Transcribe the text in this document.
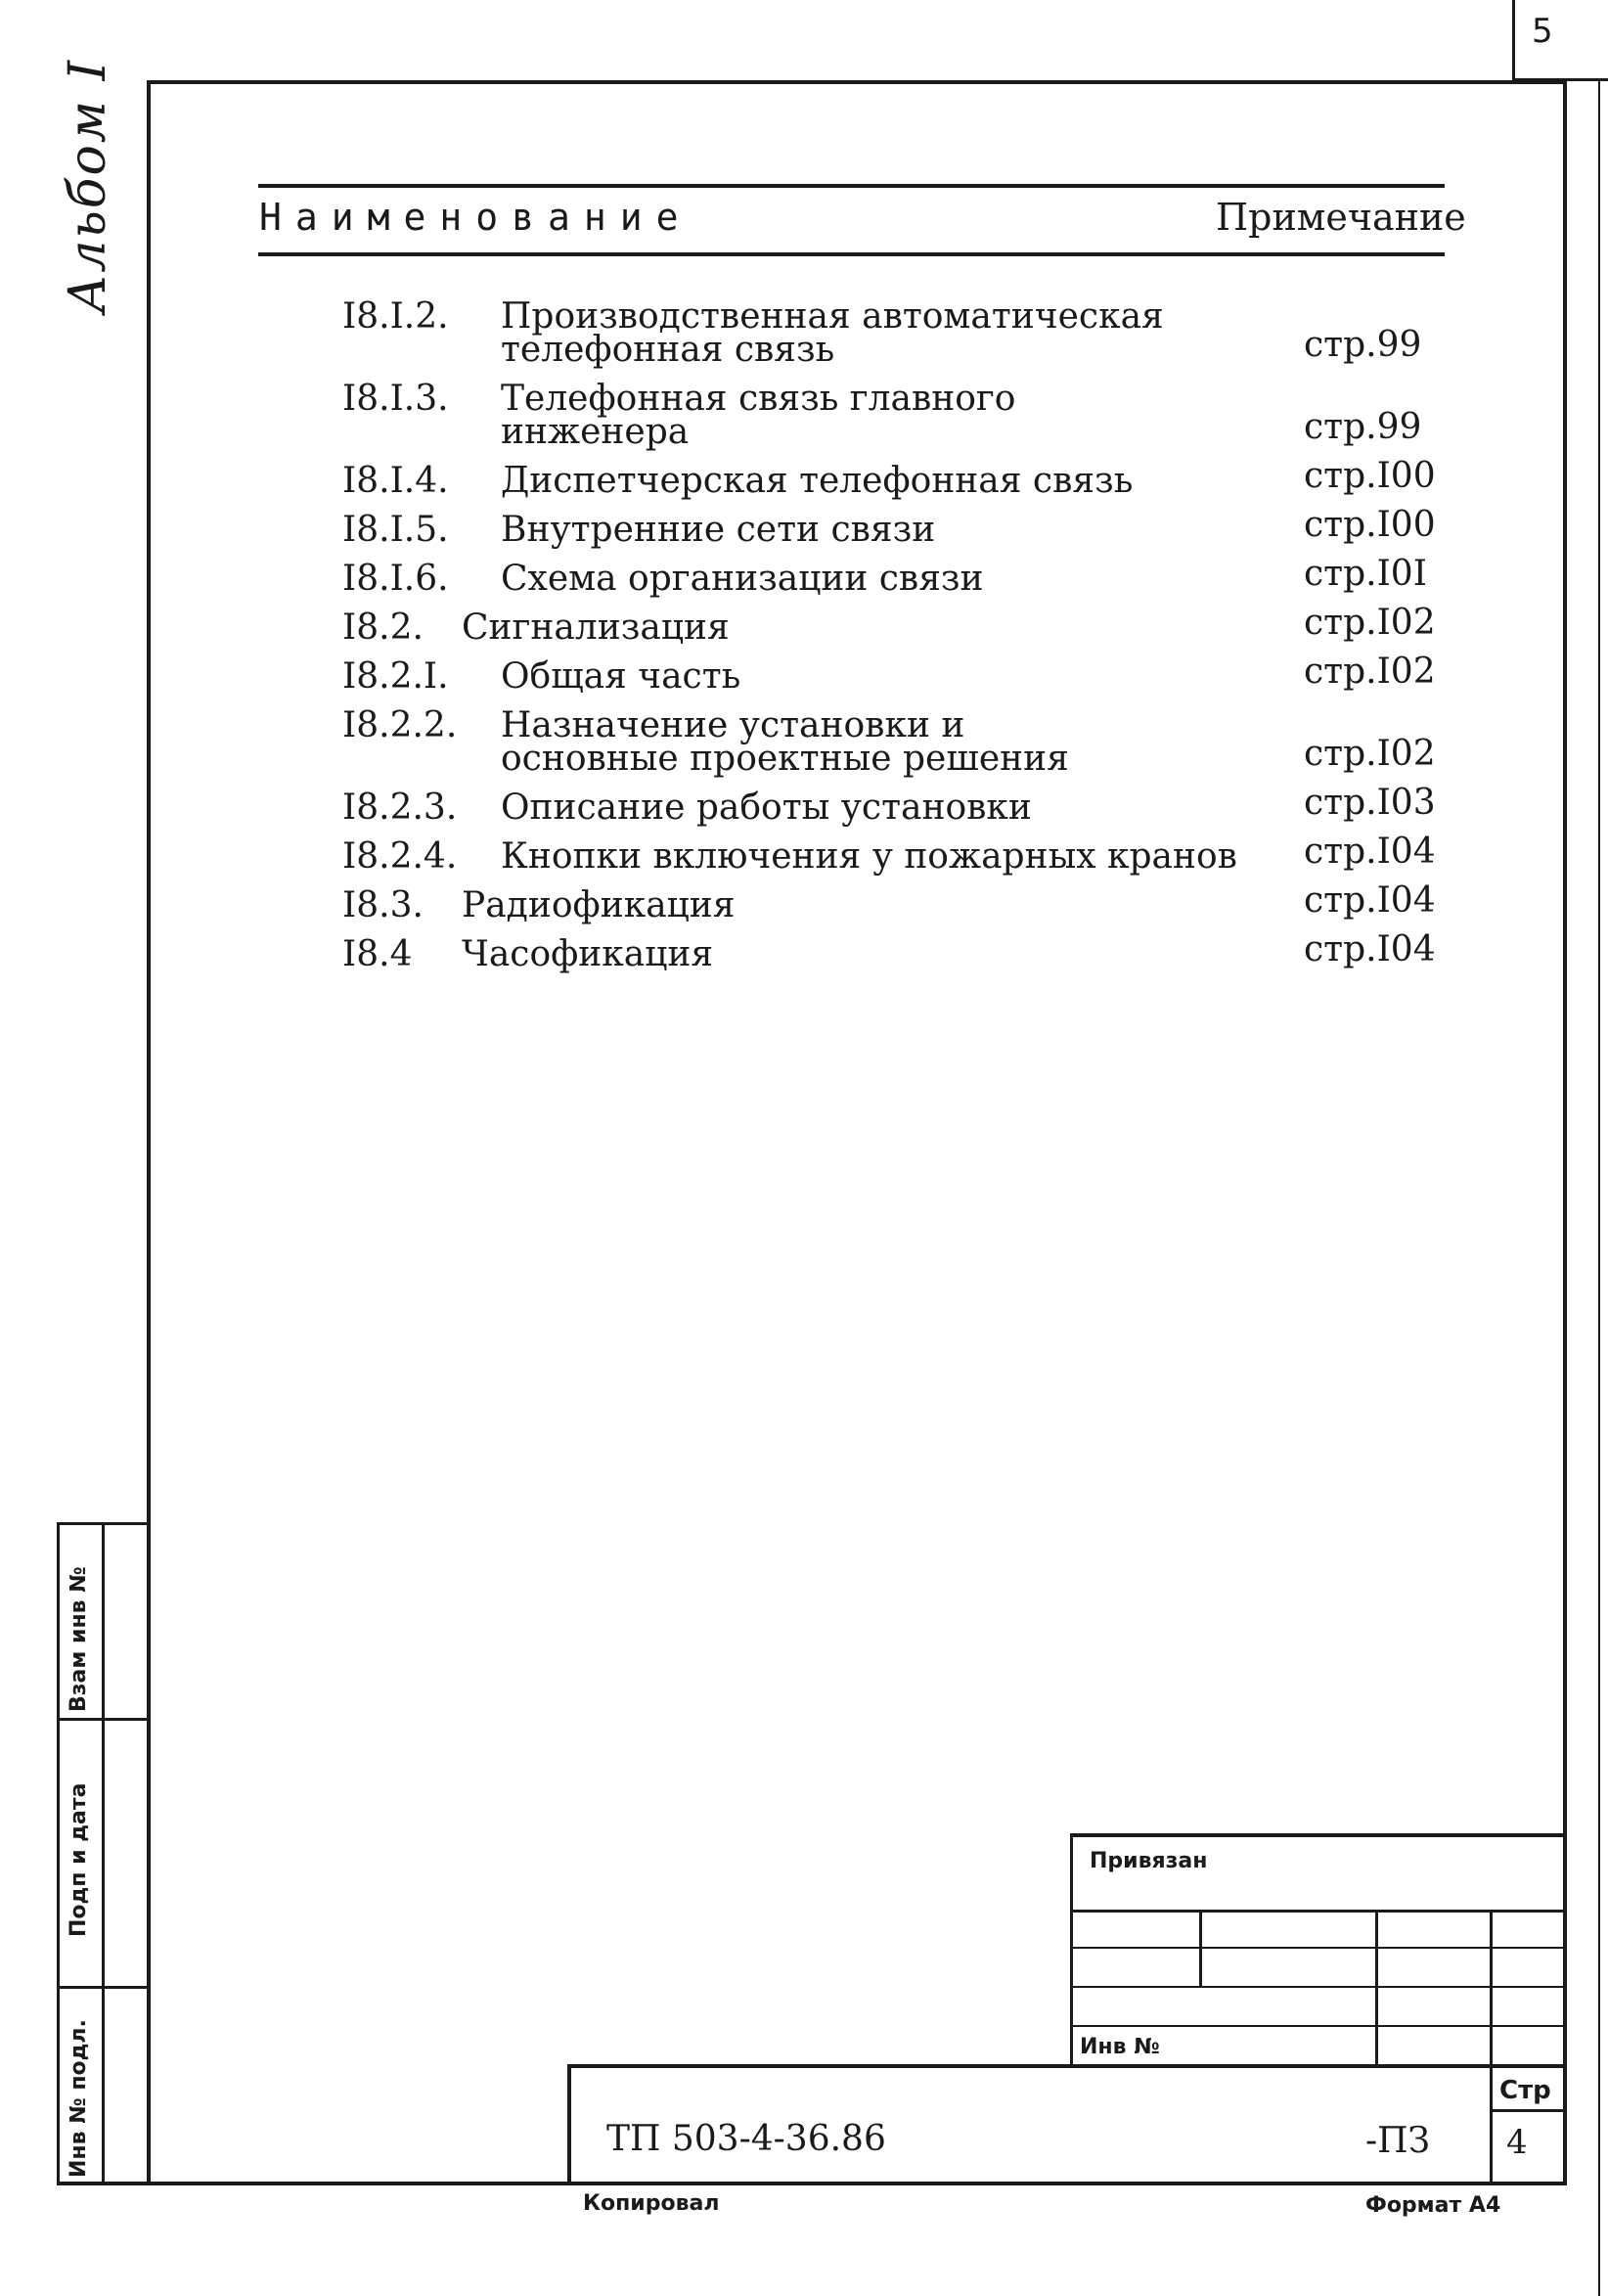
5
Альбом I	Наименование	Примечание
I8.I.2. Производственная автоматическая
телефонная связь	стр.99
I8.I.3. Телефонная связь главного
инженера	стр.99
I8.I.4. Диспетчерская телефонная связь	стр.I00
I8.I.5. Внутренние сети связи	стр.I00
I8.I.6. Схема организации связи	стр.I0I
I8.2. Сигнализация	стр.I02
I8.2.I. Общая часть	стр.I02
I8.2.2. Назначение установки и
основные проектные решения	стр.I02
I8.2.3. Описание работы установки	стр.I03
I8.2.4. Кнопки включения у пожарных кранов стр.I04
I8.3. Радиофикация	стр.I04
I8.4 Часофикация	стр.I04
Взам инв №
Подп и дата
Инв № подл.
Привязан
Инв №
Стр
ТП 503-4-36.86	-ПЗ 4
Копировал	Формат А4
